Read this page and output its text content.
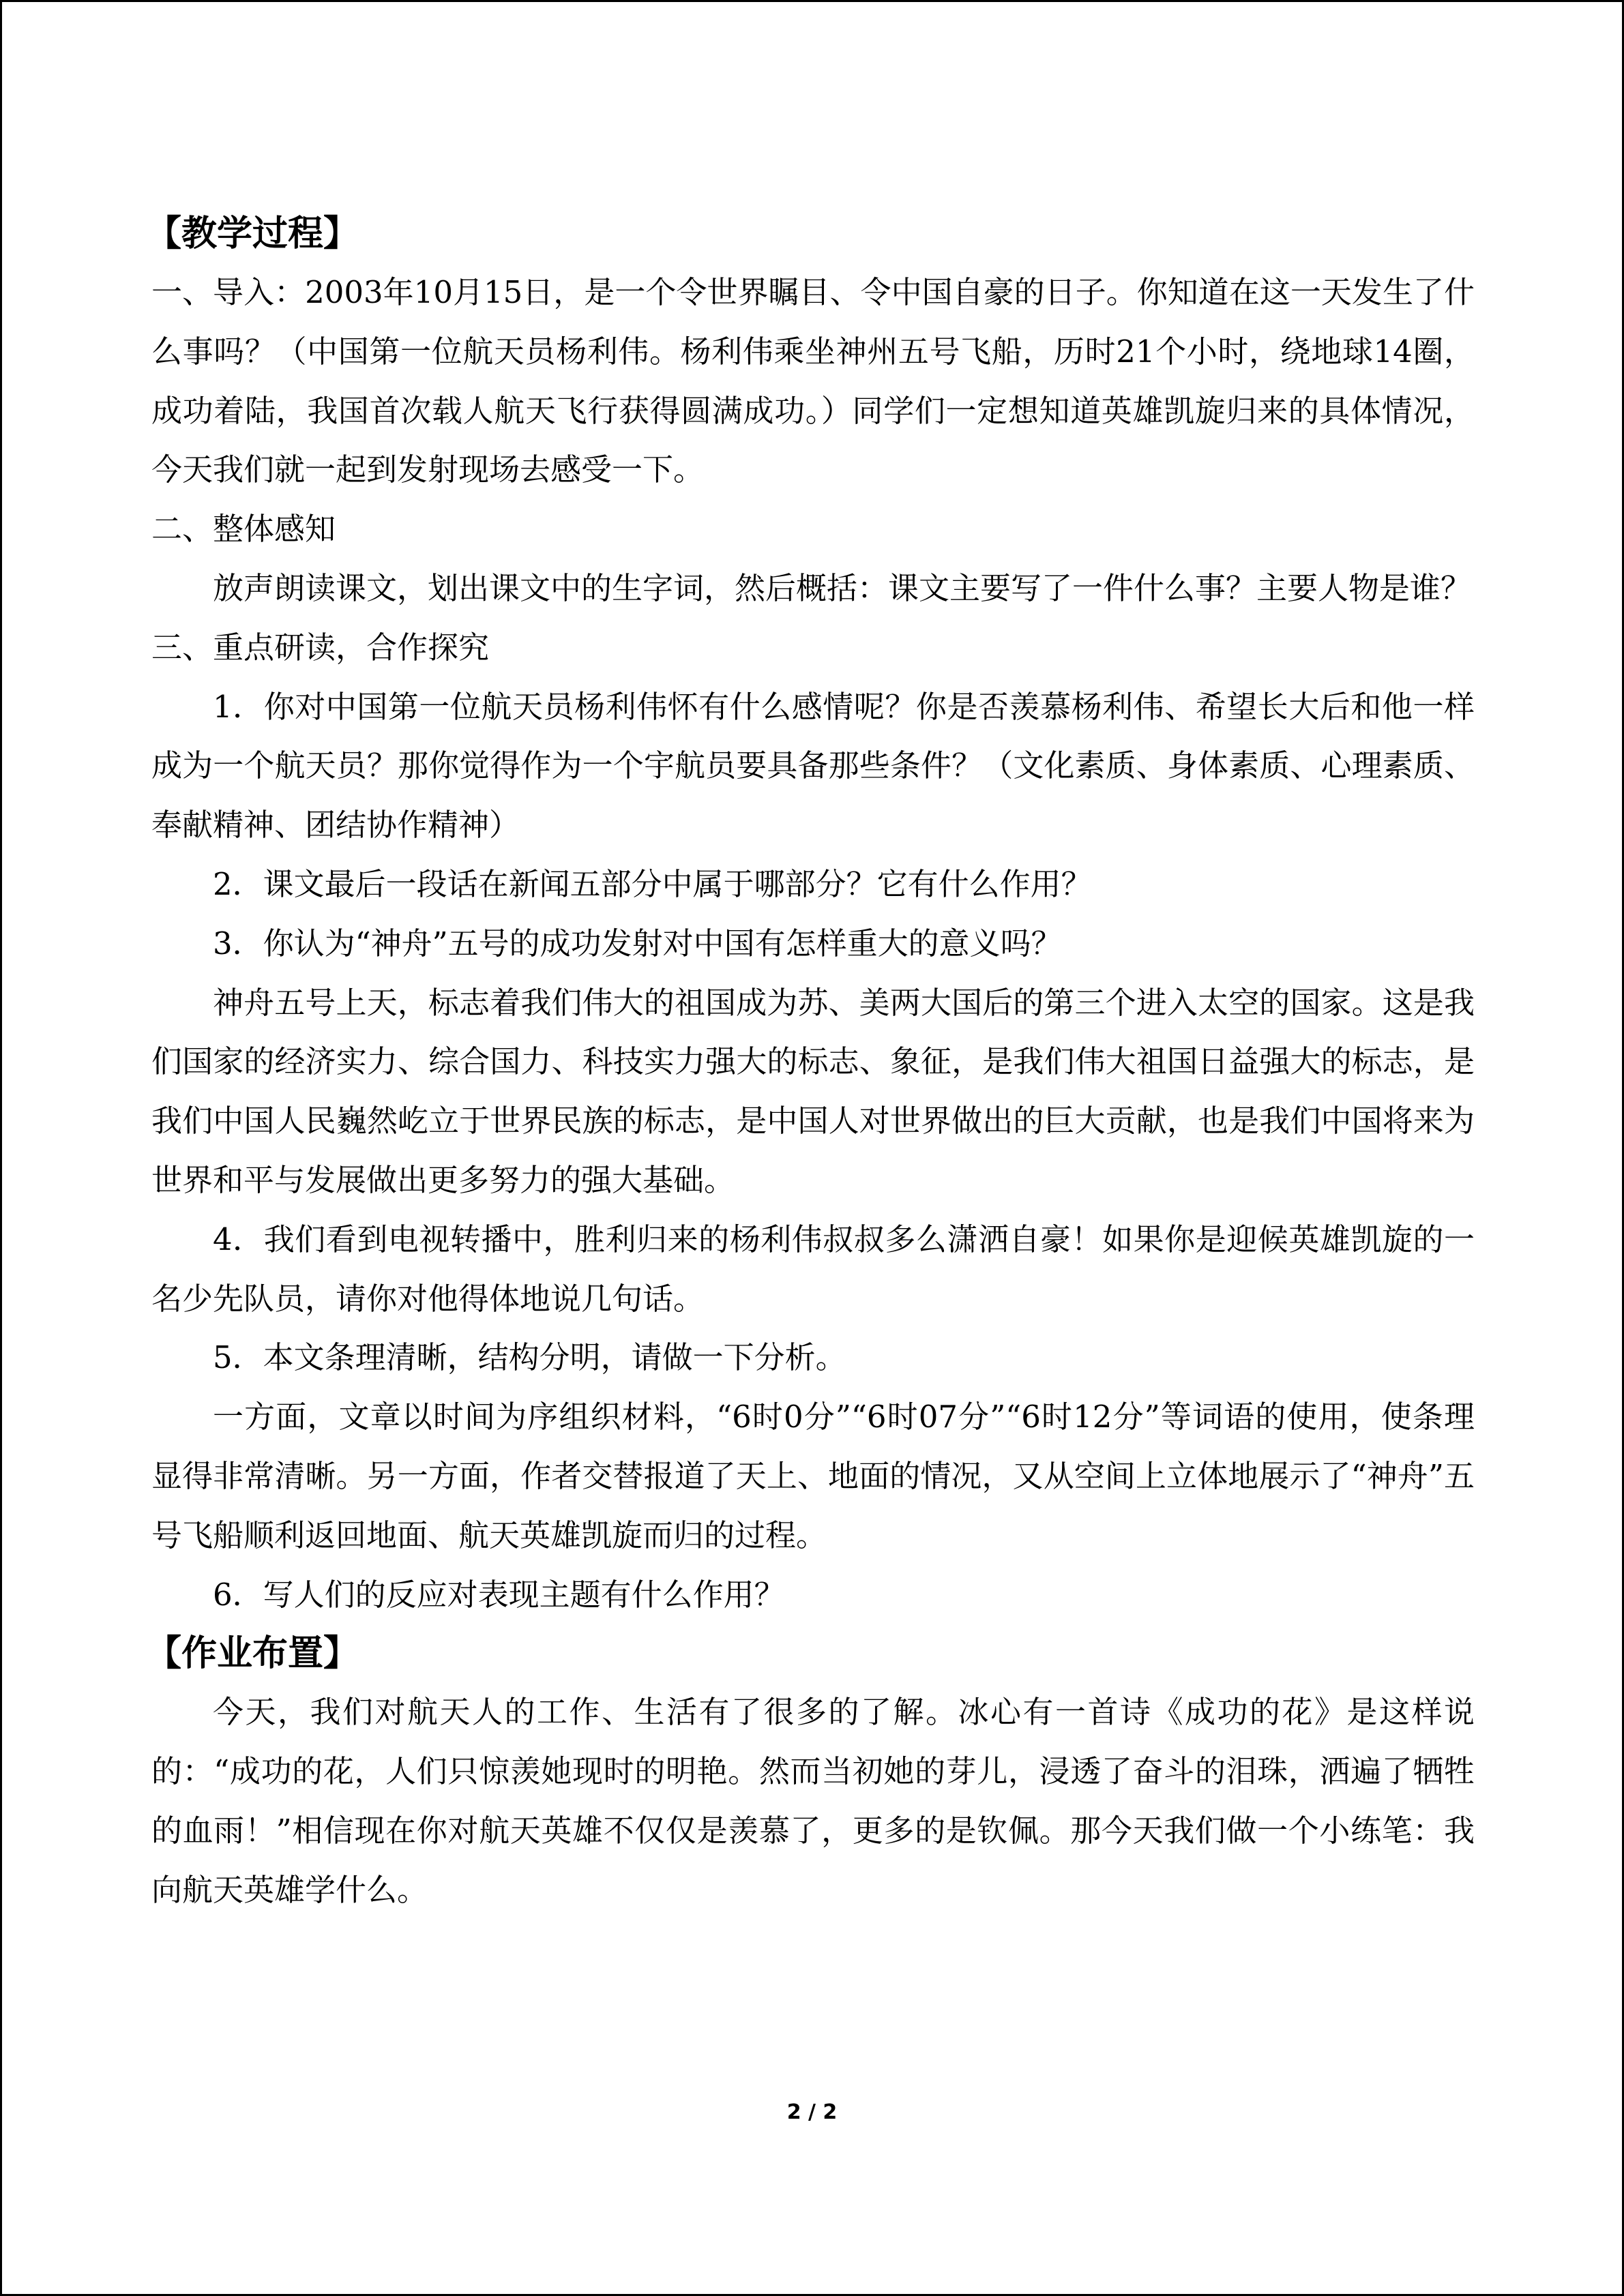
【教学过程】

一、导入：2003年10月15日，是一个令世界瞩目、令中国自豪的日子。你知道在这一天发生了什么事吗？（中国第一位航天员杨利伟。杨利伟乘坐神州五号飞船，历时21个小时，绕地球14圈，成功着陆，我国首次载人航天飞行获得圆满成功。）同学们一定想知道英雄凯旋归来的具体情况，今天我们就一起到发射现场去感受一下。

二、整体感知

放声朗读课文，划出课文中的生字词，然后概括：课文主要写了一件什么事？主要人物是谁？

三、重点研读，合作探究

1．你对中国第一位航天员杨利伟怀有什么感情呢？你是否羡慕杨利伟、希望长大后和他一样成为一个航天员？那你觉得作为一个宇航员要具备那些条件？（文化素质、身体素质、心理素质、奉献精神、团结协作精神）

2．课文最后一段话在新闻五部分中属于哪部分？它有什么作用？

3．你认为“神舟”五号的成功发射对中国有怎样重大的意义吗？

神舟五号上天，标志着我们伟大的祖国成为苏、美两大国后的第三个进入太空的国家。这是我们国家的经济实力、综合国力、科技实力强大的标志、象征，是我们伟大祖国日益强大的标志，是我们中国人民巍然屹立于世界民族的标志，是中国人对世界做出的巨大贡献，也是我们中国将来为世界和平与发展做出更多努力的强大基础。

4．我们看到电视转播中，胜利归来的杨利伟叔叔多么潇洒自豪！如果你是迎候英雄凯旋的一名少先队员，请你对他得体地说几句话。

5．本文条理清晰，结构分明，请做一下分析。

一方面，文章以时间为序组织材料，“6时0分”“6时07分”“6时12分”等词语的使用，使条理显得非常清晰。另一方面，作者交替报道了天上、地面的情况，又从空间上立体地展示了“神舟”五号飞船顺利返回地面、航天英雄凯旋而归的过程。

6．写人们的反应对表现主题有什么作用？

【作业布置】

今天，我们对航天人的工作、生活有了很多的了解。冰心有一首诗《成功的花》是这样说的：“成功的花，人们只惊羡她现时的明艳。然而当初她的芽儿，浸透了奋斗的泪珠，洒遍了牺牲的血雨！”相信现在你对航天英雄不仅仅是羡慕了，更多的是钦佩。那今天我们做一个小练笔：我向航天英雄学什么。

2 / 2
